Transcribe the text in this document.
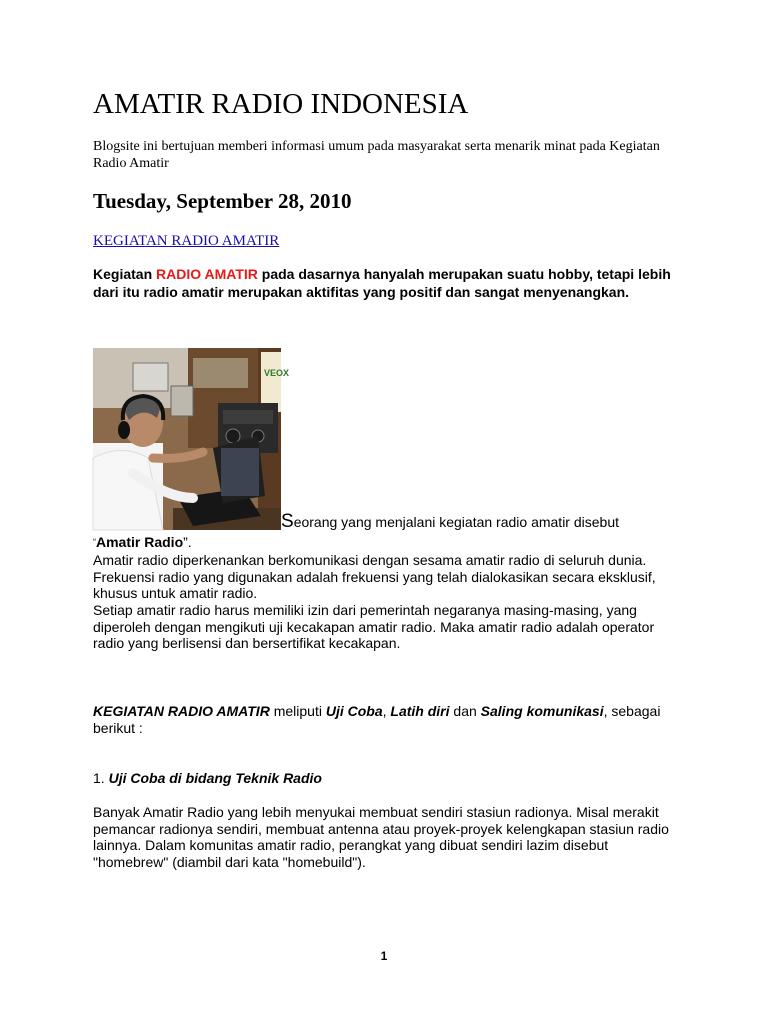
AMATIR RADIO INDONESIA

Blogsite ini bertujuan memberi informasi umum pada masyarakat serta menarik minat pada Kegiatan Radio Amatir

Tuesday, September 28, 2010
KEGIATAN RADIO AMATIR

Kegiatan RADIO AMATIR pada dasarnya hanyalah merupakan suatu hobby, tetapi lebih dari itu radio amatir merupakan aktifitas yang positif dan sangat menyenangkan.

VEOX
Seorang yang menjalani kegiatan radio amatir disebut

“Amatir Radio”.

Amatir radio diperkenankan berkomunikasi dengan sesama amatir radio di seluruh dunia. Frekuensi radio yang digunakan adalah frekuensi yang telah dialokasikan secara eksklusif, khusus untuk amatir radio.

Setiap amatir radio harus memiliki izin dari pemerintah negaranya masing-masing, yang diperoleh dengan mengikuti uji kecakapan amatir radio. Maka amatir radio adalah operator radio yang berlisensi dan bersertifikat kecakapan.

KEGIATAN RADIO AMATIR meliputi Uji Coba, Latih diri dan Saling komunikasi, sebagai berikut :

1. Uji Coba di bidang Teknik Radio

Banyak Amatir Radio yang lebih menyukai membuat sendiri stasiun radionya. Misal merakit pemancar radionya sendiri, membuat antenna atau proyek-proyek kelengkapan stasiun radio lainnya. Dalam komunitas amatir radio, perangkat yang dibuat sendiri lazim disebut "homebrew" (diambil dari kata "homebuild").

1
